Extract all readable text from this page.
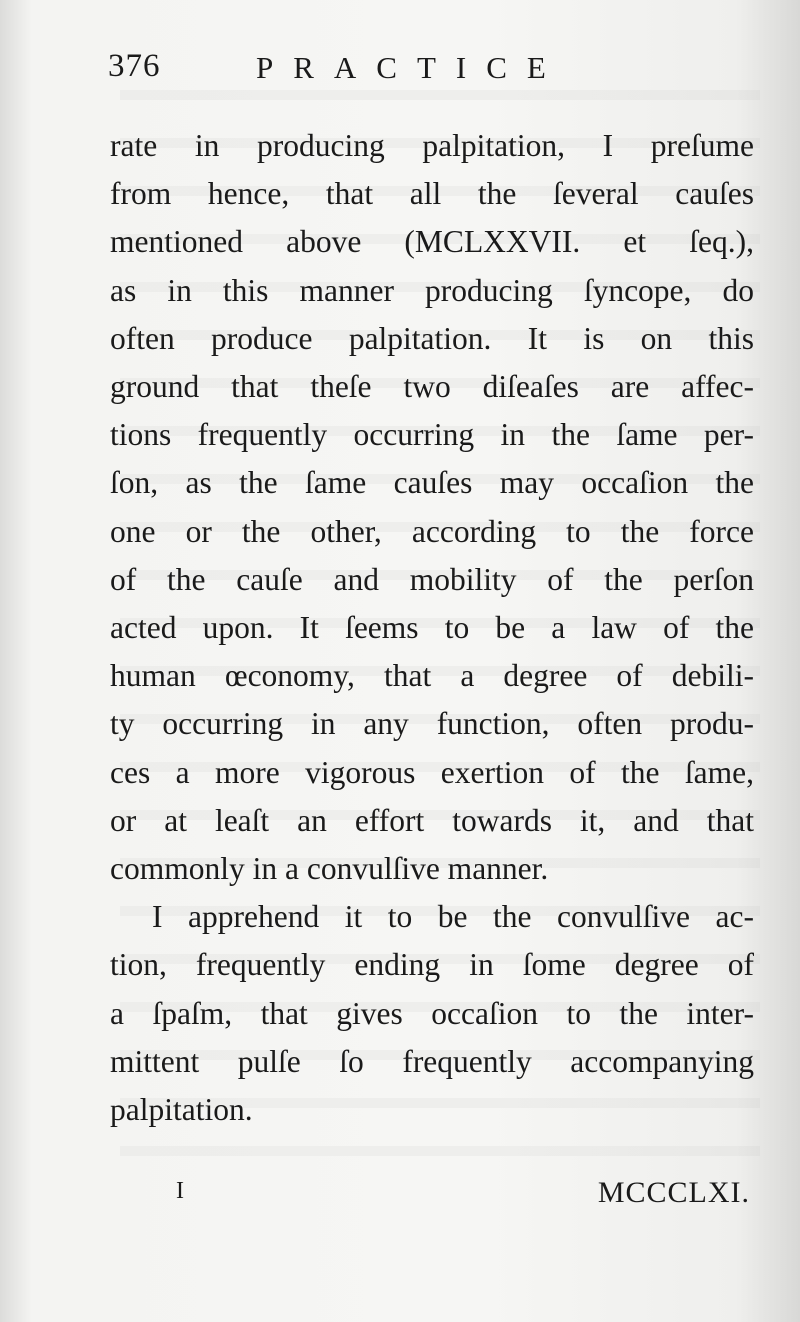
376	PRACTICE
rate in producing palpitation, I preſume
from hence, that all the ſeveral cauſes
mentioned above (MCLXXVII. et ſeq.),
as in this manner producing ſyncope, do
often produce palpitation. It is on this
ground that theſe two diſeaſes are affec-
tions frequently occurring in the ſame per-
ſon, as the ſame cauſes may occaſion the
one or the other, according to the force
of the cauſe and mobility of the perſon
acted upon. It ſeems to be a law of the
human œconomy, that a degree of debili-
ty occurring in any function, often produ-
ces a more vigorous exertion of the ſame,
or at leaſt an effort towards it, and that
commonly in a convulſive manner.
I apprehend it to be the convulſive ac-
tion, frequently ending in ſome degree of
a ſpaſm, that gives occaſion to the inter-
mittent pulſe ſo frequently accompanying
palpitation.
I	MCCCLXI.
